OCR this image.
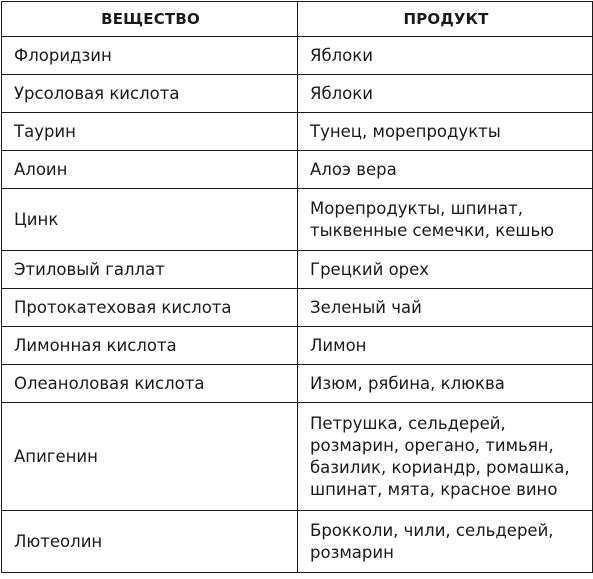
ВЕЩЕСТВО	ПРОДУКТ
Флоридзин	Яблоки
Урсоловая кислота	Яблоки
Таурин	Тунец, морепродукты
Алоин	Алоэ вера
Цинк	Морепродукты, шпинат, тыквенные семечки, кешью
Этиловый галлат	Грецкий орех
Протокатеховая кислота	Зеленый чай
Лимонная кислота	Лимон
Олеаноловая кислота	Изюм, рябина, клюква
Апигенин	Петрушка, сельдерей, розмарин, орегано, тимьян, базилик, кориандр, ромашка, шпинат, мята, красное вино
Лютеолин	Брокколи, чили, сельдерей, розмарин
